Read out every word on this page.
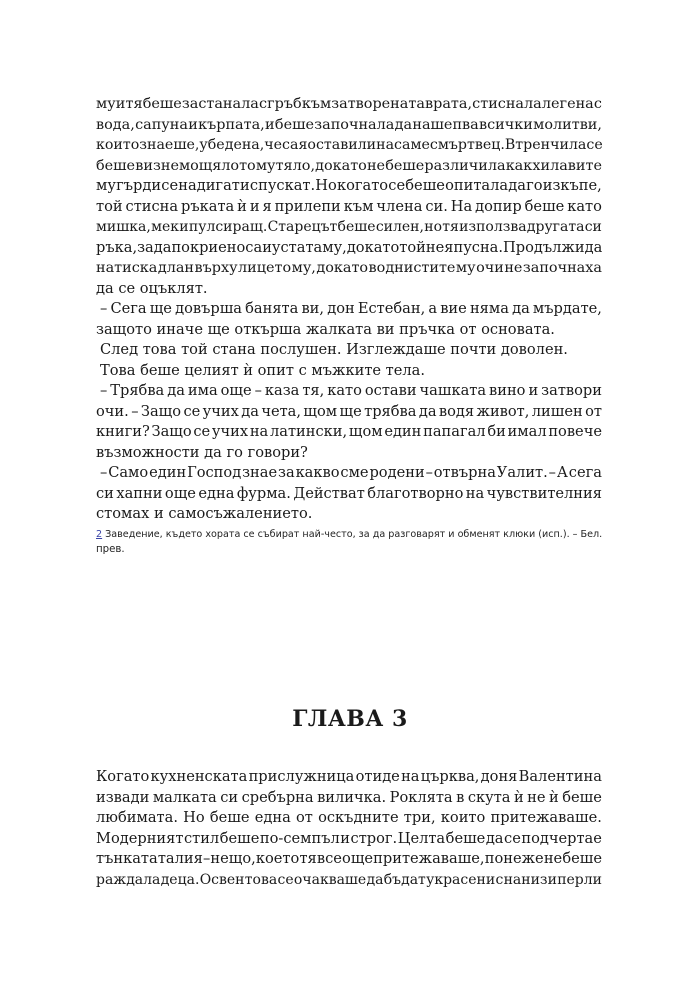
му и тя беше застанала с гръб към затворената врата, стиснала легена с
вода, сапуна и кърпата, и беше започнала да нашепва всички молитви,
които знаеше, убедена, че са я оставили насаме с мъртвец. Втренчила се
беше в изнемощялото му тяло, докато не беше различила как хилавите
му гърди се надигат и спускат. Но когато се беше опитала да го изкъпе,
той стисна ръката ѝ и я прилепи към члена си. На допир беше като
мишка, мек и пулсиращ. Старецът беше силен, но тя използва другата си
ръка, за да покрие носа и устата му, докато той не я пусна. Продължи да
натиска длан върху лицето му, докато воднистите му очи не започнаха
да се оцъклят.
– Сега ще довърша банята ви, дон Естебан, а вие няма да мърдате,
защото иначе ще откърша жалката ви пръчка от основата.
След това той стана послушен. Изглеждаше почти доволен.
Това беше целият ѝ опит с мъжките тела.
– Трябва да има още – каза тя, като остави чашката вино и затвори
очи. – Защо се учих да чета, щом ще трябва да водя живот, лишен от
книги? Защо се учих на латински, щом един папагал би имал повече
възможности да го говори?
– Само един Господ знае за какво сме родени – отвърна Уалит. – А сега
си хапни още една фурма. Действат благотворно на чувствителния
стомах и самосъжалението.
2 Заведение, където хората се събират най-често, за да разговарят и обменят клюки (исп.). – Бел.
прев.
ГЛАВА 3
Когато кухненската прислужница отиде на църква, доня Валентина
извади малката си сребърна виличка. Роклята в скута ѝ не ѝ беше
любимата. Но беше една от оскъдните три, които притежаваше.
Модерният стил беше по-семпъл и строг. Целта беше да се подчертае
тънката талия – нещо, което тя все още притежаваше, понеже не беше
раждала деца. Освен това се очакваше да бъдат украсени с нанизи перли
